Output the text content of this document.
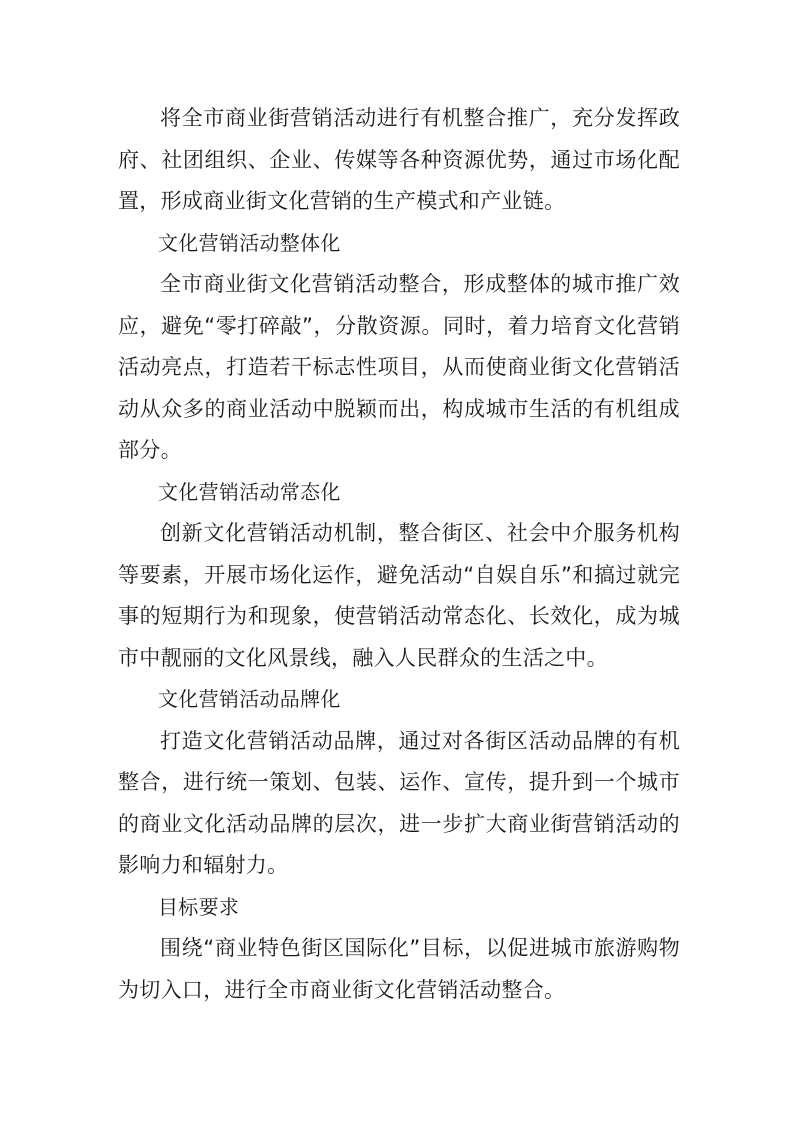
将全市商业街营销活动进行有机整合推广，充分发挥政府、社团组织、企业、传媒等各种资源优势，通过市场化配置，形成商业街文化营销的生产模式和产业链。

文化营销活动整体化

全市商业街文化营销活动整合，形成整体的城市推广效应，避免“零打碎敲”，分散资源。同时，着力培育文化营销活动亮点，打造若干标志性项目，从而使商业街文化营销活动从众多的商业活动中脱颖而出，构成城市生活的有机组成部分。

文化营销活动常态化

创新文化营销活动机制，整合街区、社会中介服务机构等要素，开展市场化运作，避免活动“自娱自乐”和搞过就完事的短期行为和现象，使营销活动常态化、长效化，成为城市中靓丽的文化风景线，融入人民群众的生活之中。

文化营销活动品牌化

打造文化营销活动品牌，通过对各街区活动品牌的有机整合，进行统一策划、包装、运作、宣传，提升到一个城市的商业文化活动品牌的层次，进一步扩大商业街营销活动的影响力和辐射力。

目标要求

围绕“商业特色街区国际化”目标，以促进城市旅游购物为切入口，进行全市商业街文化营销活动整合。
